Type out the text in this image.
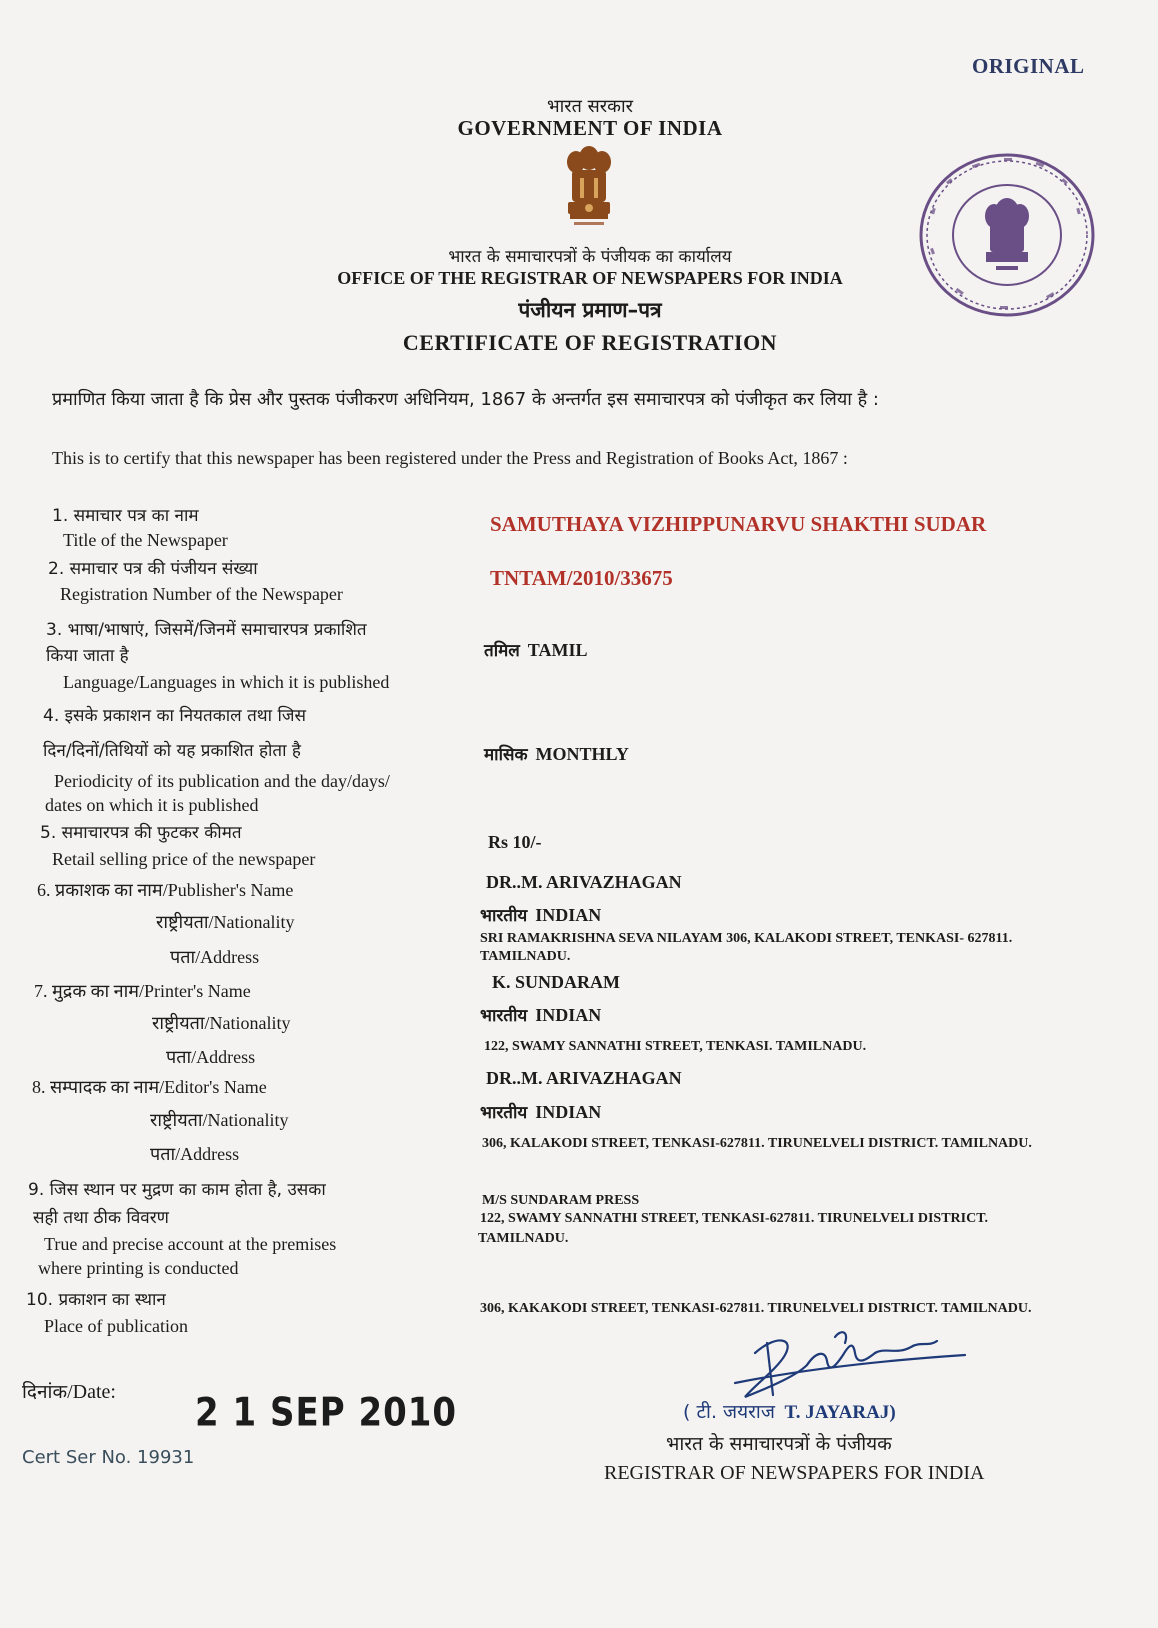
ORIGINAL
भारत सरकार
GOVERNMENT OF INDIA
भारत के समाचारपत्रों के पंजीयक का कार्यालय
OFFICE OF THE REGISTRAR OF NEWSPAPERS FOR INDIA
पंजीयन प्रमाण–पत्र
CERTIFICATE OF REGISTRATION
प्रमाणित किया जाता है कि प्रेस और पुस्तक पंजीकरण अधिनियम, 1867 के अन्तर्गत इस समाचारपत्र को पंजीकृत कर लिया है :
This is to certify that this newspaper has been registered under the Press and Registration of Books Act, 1867 :
1. समाचार पत्र का नाम
Title of the Newspaper
SAMUTHAYA VIZHIPPUNARVU SHAKTHI SUDAR
2. समाचार पत्र की पंजीयन संख्या
Registration Number of the Newspaper
TNTAM/2010/33675
3. भाषा/भाषाएं, जिसमें/जिनमें समाचारपत्र प्रकाशित
किया जाता है
Language/Languages in which it is published
तमिल TAMIL
4. इसके प्रकाशन का नियतकाल तथा जिस
दिन/दिनों/तिथियों को यह प्रकाशित होता है
Periodicity of its publication and the day/days/
dates on which it is published
मासिक MONTHLY
5. समाचारपत्र की फुटकर कीमत
Retail selling price of the newspaper
Rs 10/-
6. प्रकाशक का नाम/Publisher's Name
राष्ट्रीयता/Nationality
पता/Address
DR..M. ARIVAZHAGAN
भारतीय INDIAN
SRI RAMAKRISHNA SEVA NILAYAM 306, KALAKODI STREET, TENKASI- 627811.
TAMILNADU.
7. मुद्रक का नाम/Printer's Name
राष्ट्रीयता/Nationality
पता/Address
K. SUNDARAM
भारतीय INDIAN
122, SWAMY SANNATHI STREET, TENKASI. TAMILNADU.
8. सम्पादक का नाम/Editor's Name
राष्ट्रीयता/Nationality
पता/Address
DR..M. ARIVAZHAGAN
भारतीय INDIAN
306, KALAKODI STREET, TENKASI-627811. TIRUNELVELI DISTRICT. TAMILNADU.
9. जिस स्थान पर मुद्रण का काम होता है, उसका
सही तथा ठीक विवरण
True and precise account at the premises
where printing is conducted
M/S SUNDARAM PRESS
122, SWAMY SANNATHI STREET, TENKASI-627811. TIRUNELVELI DISTRICT.
TAMILNADU.
10. प्रकाशन का स्थान
Place of publication
306, KAKAKODI STREET, TENKASI-627811. TIRUNELVELI DISTRICT. TAMILNADU.
दिनांक/Date: 2 1 SEP 2010
Cert Ser No. 19931
( टी. जयराज T. JAYARAJ)
भारत के समाचारपत्रों के पंजीयक
REGISTRAR OF NEWSPAPERS FOR INDIA
